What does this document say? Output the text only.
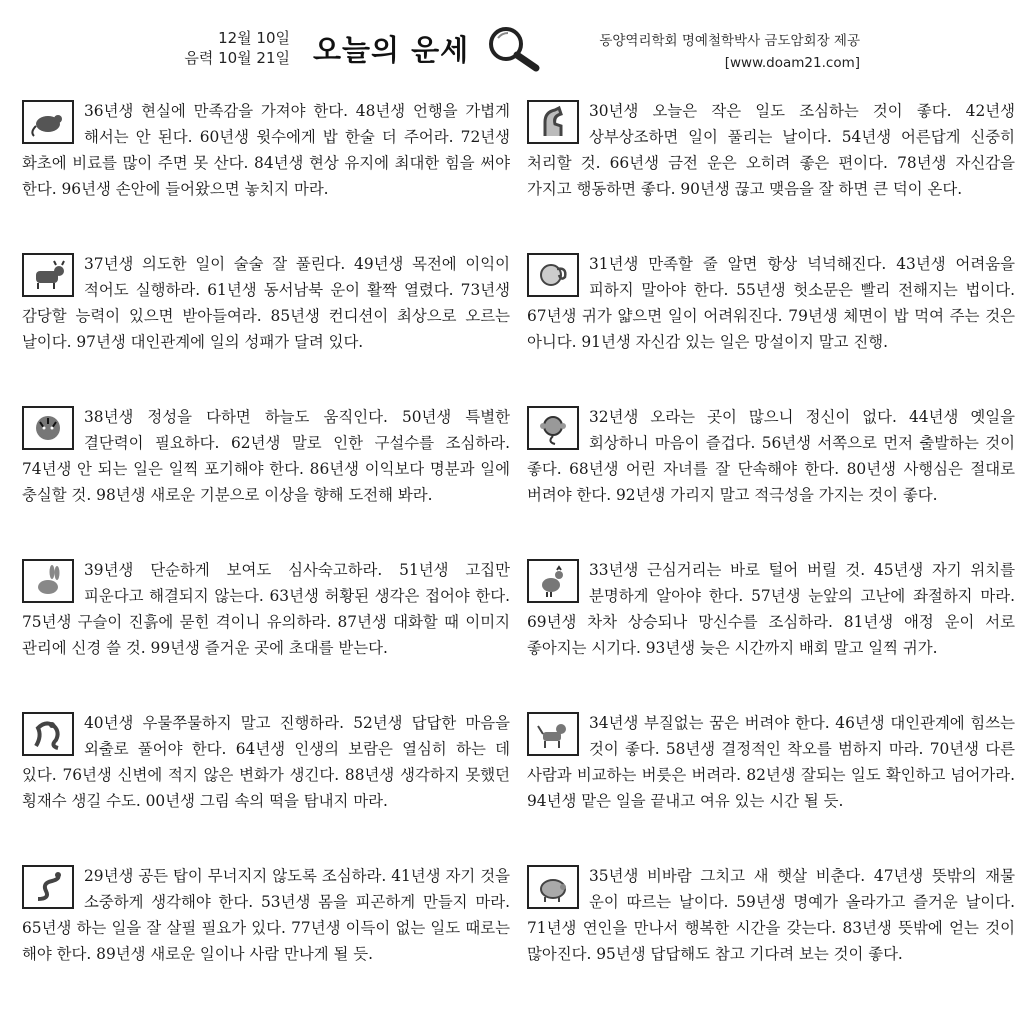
12월 10일
음력 10월 21일 오늘의 운세	동양역리학회 명예철학박사 금도암회장 제공
[www.doam21.com]

36년생 현실에 만족감을 가져야 한다. 48년생 언행을 가볍게 해서는 안 된다. 60년생 윗수에게 밥 한술 더 주어라. 72년생 화초에 비료를 많이 주면 못 산다. 84년생 현상 유지에 최대한 힘을 써야 한다. 96년생 손안에 들어왔으면 놓치지 마라.

37년생 의도한 일이 술술 잘 풀린다. 49년생 목전에 이익이 적어도 실행하라. 61년생 동서남북 운이 활짝 열렸다. 73년생 감당할 능력이 있으면 받아들여라. 85년생 컨디션이 최상으로 오르는 날이다. 97년생 대인관계에 일의 성패가 달려 있다.

38년생 정성을 다하면 하늘도 움직인다. 50년생 특별한 결단력이 필요하다. 62년생 말로 인한 구설수를 조심하라. 74년생 안 되는 일은 일찍 포기해야 한다. 86년생 이익보다 명분과 일에 충실할 것. 98년생 새로운 기분으로 이상을 향해 도전해 봐라.

39년생 단순하게 보여도 심사숙고하라. 51년생 고집만 피운다고 해결되지 않는다. 63년생 허황된 생각은 접어야 한다. 75년생 구슬이 진흙에 묻힌 격이니 유의하라. 87년생 대화할 때 이미지 관리에 신경 쓸 것. 99년생 즐거운 곳에 초대를 받는다.

40년생 우물쭈물하지 말고 진행하라. 52년생 답답한 마음을 외출로 풀어야 한다. 64년생 인생의 보람은 열심히 하는 데 있다. 76년생 신변에 적지 않은 변화가 생긴다. 88년생 생각하지 못했던 횡재수 생길 수도. 00년생 그림 속의 떡을 탐내지 마라.

29년생 공든 탑이 무너지지 않도록 조심하라. 41년생 자기 것을 소중하게 생각해야 한다. 53년생 몸을 피곤하게 만들지 마라. 65년생 하는 일을 잘 살필 필요가 있다. 77년생 이득이 없는 일도 때로는 해야 한다. 89년생 새로운 일이나 사람 만나게 될 듯.

30년생 오늘은 작은 일도 조심하는 것이 좋다. 42년생 상부상조하면 일이 풀리는 날이다. 54년생 어른답게 신중히 처리할 것. 66년생 금전 운은 오히려 좋은 편이다. 78년생 자신감을 가지고 행동하면 좋다. 90년생 끊고 맺음을 잘 하면 큰 덕이 온다.

31년생 만족할 줄 알면 항상 넉넉해진다. 43년생 어려움을 피하지 말아야 한다. 55년생 헛소문은 빨리 전해지는 법이다. 67년생 귀가 얇으면 일이 어려워진다. 79년생 체면이 밥 먹여 주는 것은 아니다. 91년생 자신감 있는 일은 망설이지 말고 진행.

32년생 오라는 곳이 많으니 정신이 없다. 44년생 옛일을 회상하니 마음이 즐겁다. 56년생 서쪽으로 먼저 출발하는 것이 좋다. 68년생 어린 자녀를 잘 단속해야 한다. 80년생 사행심은 절대로 버려야 한다. 92년생 가리지 말고 적극성을 가지는 것이 좋다.

33년생 근심거리는 바로 털어 버릴 것. 45년생 자기 위치를 분명하게 알아야 한다. 57년생 눈앞의 고난에 좌절하지 마라. 69년생 차차 상승되나 망신수를 조심하라. 81년생 애정 운이 서로 좋아지는 시기다. 93년생 늦은 시간까지 배회 말고 일찍 귀가.

34년생 부질없는 꿈은 버려야 한다. 46년생 대인관계에 힘쓰는 것이 좋다. 58년생 결정적인 착오를 범하지 마라. 70년생 다른 사람과 비교하는 버릇은 버려라. 82년생 잘되는 일도 확인하고 넘어가라. 94년생 맡은 일을 끝내고 여유 있는 시간 될 듯.

35년생 비바람 그치고 새 햇살 비춘다. 47년생 뜻밖의 재물 운이 따르는 날이다. 59년생 명예가 올라가고 즐거운 날이다. 71년생 연인을 만나서 행복한 시간을 갖는다. 83년생 뜻밖에 얻는 것이 많아진다. 95년생 답답해도 참고 기다려 보는 것이 좋다.
